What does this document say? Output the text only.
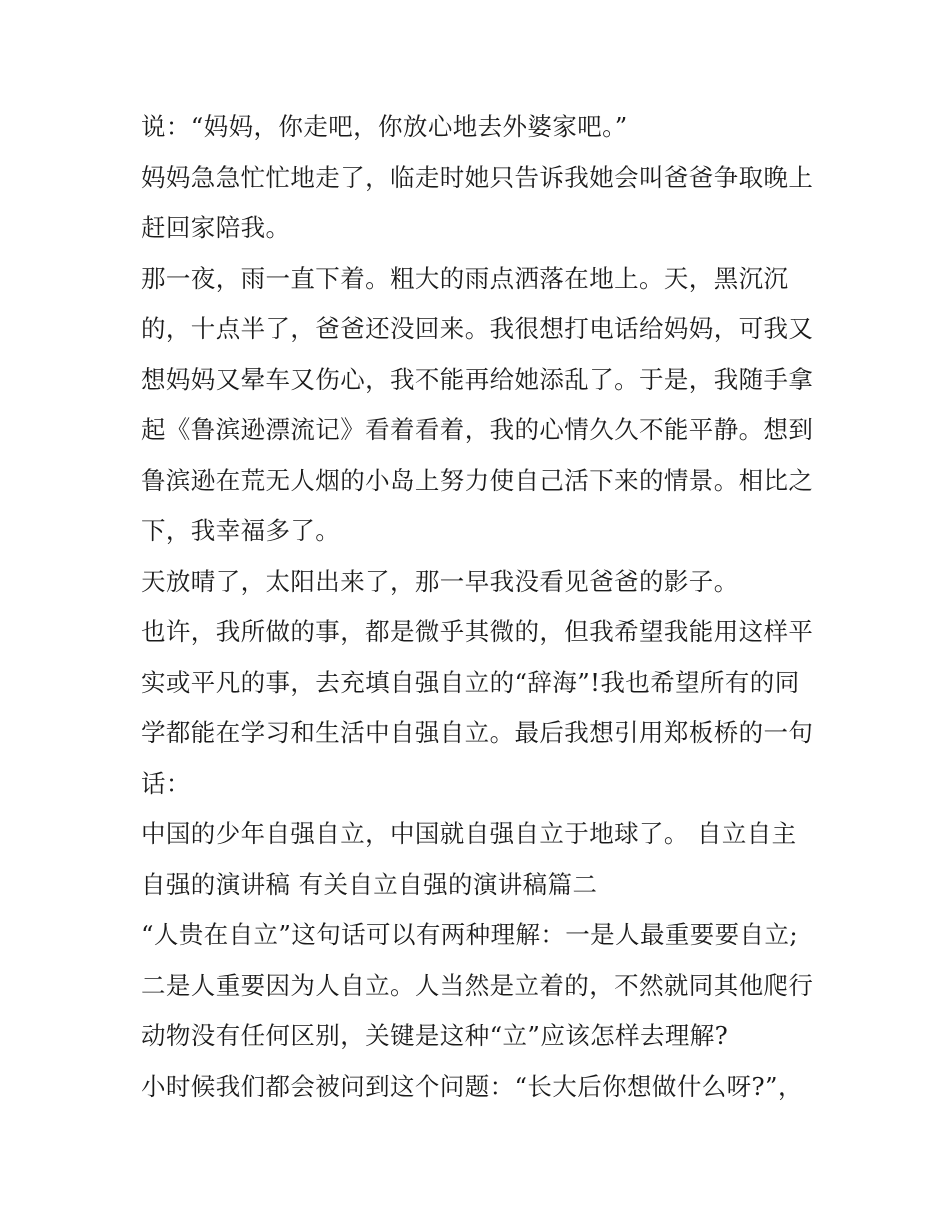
说：“妈妈，你走吧，你放心地去外婆家吧。”
妈妈急急忙忙地走了，临走时她只告诉我她会叫爸爸争取晚上
赶回家陪我。
那一夜，雨一直下着。粗大的雨点洒落在地上。天，黑沉沉
的，十点半了，爸爸还没回来。我很想打电话给妈妈，可我又
想妈妈又晕车又伤心，我不能再给她添乱了。于是，我随手拿
起《鲁滨逊漂流记》看着看着，我的心情久久不能平静。想到
鲁滨逊在荒无人烟的小岛上努力使自己活下来的情景。相比之
下，我幸福多了。
天放晴了，太阳出来了，那一早我没看见爸爸的影子。
也许，我所做的事，都是微乎其微的，但我希望我能用这样平
实或平凡的事，去充填自强自立的“辞海”!我也希望所有的同
学都能在学习和生活中自强自立。最后我想引用郑板桥的一句
话：
中国的少年自强自立，中国就自强自立于地球了。 自立自主
自强的演讲稿 有关自立自强的演讲稿篇二
“人贵在自立”这句话可以有两种理解：一是人最重要要自立;
二是人重要因为人自立。人当然是立着的，不然就同其他爬行
动物没有任何区别，关键是这种“立”应该怎样去理解?
小时候我们都会被问到这个问题：“长大后你想做什么呀?”，
